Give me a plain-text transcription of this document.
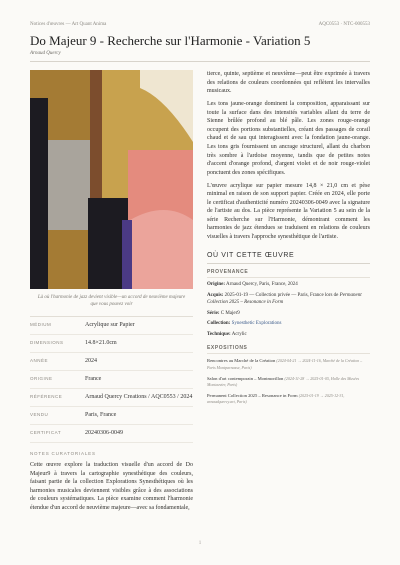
Notices d'œuvres — Art Quant Anima	AQC0553 · NTC-000553
Do Majeur 9 - Recherche sur l'Harmonie - Variation 5
Arnaud Quercy
Là où l'harmonie de jazz devient visible—un accord de neuvième majeure que vous pouvez voir
MÉDIUM	Acrylique sur Papier
DIMENSIONS	14.8×21.0cm
ANNÉE	2024
ORIGINE	France
RÉFÉRENCE	Arnaud Quercy Creations / AQC0553 / 2024
VENDU	Paris, France
CERTIFICAT	20240306-0049
NOTES CURATORIALES
Cette œuvre explore la traduction visuelle d'un accord de Do Majeur9 à travers la cartographie synesthétique des couleurs, faisant partie de la collection Explorations Synesthétiques où les harmonies musicales deviennent visibles grâce à des associations de couleurs systématiques. La pièce examine comment l'harmonie étendue d'un accord de neuvième majeure—avec sa fondamentale,

tierce, quinte, septième et neuvième—peut être exprimée à travers des relations de couleurs coordonnées qui reflètent les intervalles musicaux.

Les tons jaune-orange dominent la composition, apparaissant sur toute la surface dans des intensités variables allant du terre de Sienne brûlée profond au blé pâle. Les zones rouge-orange occupent des portions substantielles, créant des passages de corail chaud et de sau qui interagissent avec la fondation jaune-orange. Les tons gris fournissent un ancrage structurel, allant du charbon très sombre à l'ardoise moyenne, tandis que de petites notes d'accent d'orange profond, d'argent violet et de noir rouge-violet ponctuent des zones spécifiques.

L'œuvre acrylique sur papier mesure 14,8 × 21,0 cm et pèse minimal en raison de son support papier. Créée en 2024, elle porte le certificat d'authenticité numéro 20240306-0049 avec la signature de l'artiste au dos. La pièce représente la Variation 5 au sein de la série Recherche sur l'Harmonie, démontrant comment les harmonies de jazz étendues se traduisent en relations de couleurs visuelles à travers l'approche synesthétique de l'artiste.

OÙ VIT CETTE ŒUVRE
PROVENANCE
Origine: Arnaud Quercy, Paris, France, 2024
Acquis: 2025-01-19 — Collection privée — Paris, France lors de Permanent Collection 2025 – Resonance in Form
Série: C Majer9
Collection: Synesthetic Explorations
Technique: Acrylic
EXPOSITIONS
Rencontres au Marché de la Création (2024-04-21 → 2024-11-16, Marché de la Création – Paris Montparnasse, Paris)
Salon d'art contemporain – Montmorillon (2024-11-28 → 2025-01-05, Halle des Musées Montauvier, Paris)
Permanent Collection 2025 – Resonance in Form (2025-01-19 → 2025-12-31, arnaudquercy.art, Paris)
1
